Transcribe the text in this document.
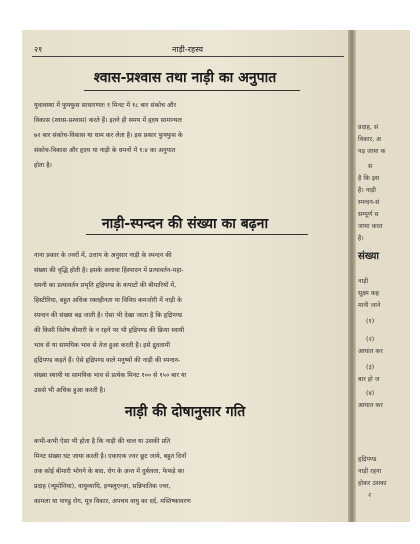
२१	नाड़ी-रहस्य
श्वास-प्रश्वास तथा नाड़ी का अनुपात
युवावस्था में फुफ्फुस साधारणतः १ मिनट में १८ बार संकोच और
विकास (श्वास-प्रश्वास) करते हैं। इतने ही समय में हृदय सामान्यतः
७२ बार संकोच-विकास या धाम कर लेता है। इस प्रकार फुफ्फुस के
संकोच-विकास और हृदय या नाड़ी के धमनों में १:४ का अनुपात
होता है।
नाड़ी-स्पन्दन की संख्या का बढ़ना
नाना प्रकार के ज्वरों में, उत्ताप के अनुसार नाड़ी के स्पन्दन की
संख्या की वृद्धि होती है। इसके अलावा हिंस्पादन में प्रत्यावर्तन-महा-
धमनी का प्रत्यावर्तन प्रभृति हृद्रिपण्ड के कपाटों की बीमारियों में,
हिस्टीरिया, बहुत अधिक रक्तहीनता या विविध कमजोरी में नाड़ी के
स्पन्दन की संख्या बढ़ जाती है। ऐसा भी देखा जाता है कि हृद्रिपण्ड
की किसी विशेष बीमारी के न रहने पर भी हृद्रिपण्ड की क्रिया स्वायी
भाव से या सामयिक भाव से तेज हुआ करती है। इसे द्रुततामी
हृद्रिपण्ड कहते हैं। ऐसे हृद्रिपण्ड वाले मनुष्यों की नाड़ी की स्पन्दन-
संख्या स्थायी या सामयिक भाव से प्रत्येक मिनट १०० से १५० बार या
उससे भी अधिक हुआ करती है।
नाड़ी की दोषानुसार गति
कभी-कभी ऐसा भी होता है कि नाड़ी की चाल या उसकी प्रति
मिनट संख्या घट जाया करती है। एकाएक ज्वर छूट जाये, बहुत दिनों
तक कोई बीमारी भोगने के बाद, रोग के अन्त में दुर्बलता, फेफड़े का
प्रदाह (न्यूमोनिया), वायुव्याधि, इन्फ्लुएन्ज़ा, सन्निपातिक ज्वर,
कामला या पाण्डु रोग, मूत्र विकार, अपचय वायु का दर्द, मस्तिष्कावरण
प्रदाह, सं
विकार, अ
पड़ जाया क
स
है कि इस
है। नाड़ी
स्पन्दन-सं
सम्पूर्ण स
जाया करत
है।
संख्या
नाड़ी
सूक्ष्म कह
मानी जाने
(१)
(२)
आघात कर
(३)
बार हो ज
(४)
आघात कर
हृद्रिपण्ड
नाड़ी रहना
होकर उसका
२
